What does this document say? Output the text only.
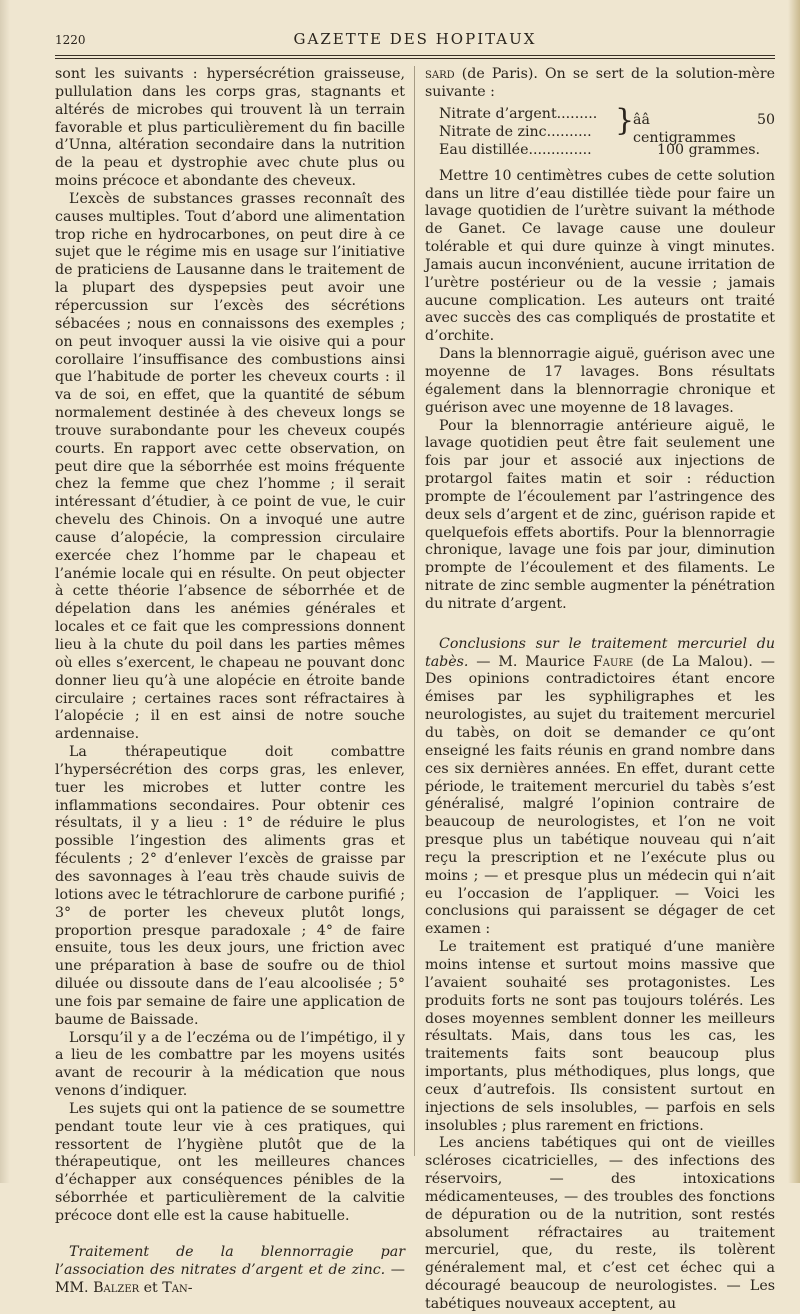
1220	GAZETTE DES HOPITAUX

sont les suivants : hypersécrétion graisseuse, pullulation dans les corps gras, stagnants et altérés de microbes qui trouvent là un terrain favorable et plus particulièrement du fin bacille d’Unna, altération secondaire dans la nutrition de la peau et dystrophie avec chute plus ou moins précoce et abondante des cheveux.

L’excès de substances grasses reconnaît des causes multiples. Tout d’abord une alimentation trop riche en hydrocarbones, on peut dire à ce sujet que le régime mis en usage sur l’initiative de praticiens de Lausanne dans le traitement de la plupart des dyspepsies peut avoir une répercussion sur l’excès des sécrétions sébacées ; nous en connaissons des exemples ; on peut invoquer aussi la vie oisive qui a pour corollaire l’insuffisance des combustions ainsi que l’habitude de porter les cheveux courts : il va de soi, en effet, que la quantité de sébum normalement destinée à des cheveux longs se trouve surabondante pour les cheveux coupés courts. En rapport avec cette observation, on peut dire que la séborrhée est moins fréquente chez la femme que chez l’homme ; il serait intéressant d’étudier, à ce point de vue, le cuir chevelu des Chinois. On a invoqué une autre cause d’alopécie, la compression circulaire exercée chez l’homme par le chapeau et l’anémie locale qui en résulte. On peut objecter à cette théorie l’absence de séborrhée et de dépelation dans les anémies générales et locales et ce fait que les compressions donnent lieu à la chute du poil dans les parties mêmes où elles s’exercent, le chapeau ne pouvant donc donner lieu qu’à une alopécie en étroite bande circulaire ; certaines races sont réfractaires à l’alopécie ; il en est ainsi de notre souche ardennaise.

La thérapeutique doit combattre l’hypersécrétion des corps gras, les enlever, tuer les microbes et lutter contre les inflammations secondaires. Pour obtenir ces résultats, il y a lieu : 1° de réduire le plus possible l’ingestion des aliments gras et féculents ; 2° d’enlever l’excès de graisse par des savonnages à l’eau très chaude suivis de lotions avec le tétrachlorure de carbone purifié ; 3° de porter les cheveux plutôt longs, proportion presque paradoxale ; 4° de faire ensuite, tous les deux jours, une friction avec une préparation à base de soufre ou de thiol diluée ou dissoute dans de l’eau alcoolisée ; 5° une fois par semaine de faire une application de baume de Baissade.

Lorsqu’il y a de l’eczéma ou de l’impétigo, il y a lieu de les combattre par les moyens usités avant de recourir à la médication que nous venons d’indiquer.

Les sujets qui ont la patience de se soumettre pendant toute leur vie à ces pratiques, qui ressortent de l’hygiène plutôt que de la thérapeutique, ont les meilleures chances d’échapper aux conséquences pénibles de la séborrhée et particulièrement de la calvitie précoce dont elle est la cause habituelle.

Traitement de la blennorragie par l’association des nitrates d’argent et de zinc. — MM. Balzer et Tan-

sard (de Paris). On se sert de la solution-mère suivante :

Nitrate d’argent.........
Nitrate de zinc..........
Eau distillée..............
}
ââ 50 centigrammes
100 grammes.

Mettre 10 centimètres cubes de cette solution dans un litre d’eau distillée tiède pour faire un lavage quotidien de l’urètre suivant la méthode de Ganet. Ce lavage cause une douleur tolérable et qui dure quinze à vingt minutes. Jamais aucun inconvénient, aucune irritation de l’urètre postérieur ou de la vessie ; jamais aucune complication. Les auteurs ont traité avec succès des cas compliqués de prostatite et d’orchite.

Dans la blennorragie aiguë, guérison avec une moyenne de 17 lavages. Bons résultats également dans la blennorragie chronique et guérison avec une moyenne de 18 lavages.

Pour la blennorragie antérieure aiguë, le lavage quotidien peut être fait seulement une fois par jour et associé aux injections de protargol faites matin et soir : réduction prompte de l’écoulement par l’astringence des deux sels d’argent et de zinc, guérison rapide et quelquefois effets abortifs. Pour la blennorragie chronique, lavage une fois par jour, diminution prompte de l’écoulement et des filaments. Le nitrate de zinc semble augmenter la pénétration du nitrate d’argent.

Conclusions sur le traitement mercuriel du tabès. — M. Maurice Faure (de La Malou). — Des opinions contradictoires étant encore émises par les syphiligraphes et les neurologistes, au sujet du traitement mercuriel du tabès, on doit se demander ce qu’ont enseigné les faits réunis en grand nombre dans ces six dernières années. En effet, durant cette période, le traitement mercuriel du tabès s’est généralisé, malgré l’opinion contraire de beaucoup de neurologistes, et l’on ne voit presque plus un tabétique nouveau qui n’ait reçu la prescription et ne l’exécute plus ou moins ; — et presque plus un médecin qui n’ait eu l’occasion de l’appliquer. — Voici les conclusions qui paraissent se dégager de cet examen :

Le traitement est pratiqué d’une manière moins intense et surtout moins massive que l’avaient souhaité ses protagonistes. Les produits forts ne sont pas toujours tolérés. Les doses moyennes semblent donner les meilleurs résultats. Mais, dans tous les cas, les traitements faits sont beaucoup plus importants, plus méthodiques, plus longs, que ceux d’autrefois. Ils consistent surtout en injections de sels insolubles, — parfois en sels insolubles ; plus rarement en frictions.

Les anciens tabétiques qui ont de vieilles scléroses cicatricielles, — des infections des réservoirs, — des intoxications médicamenteuses, — des troubles des fonctions de dépuration ou de la nutrition, sont restés absolument réfractaires au traitement mercuriel, que, du reste, ils tolèrent généralement mal, et c’est cet échec qui a découragé beaucoup de neurologistes. — Les tabétiques nouveaux acceptent, au
